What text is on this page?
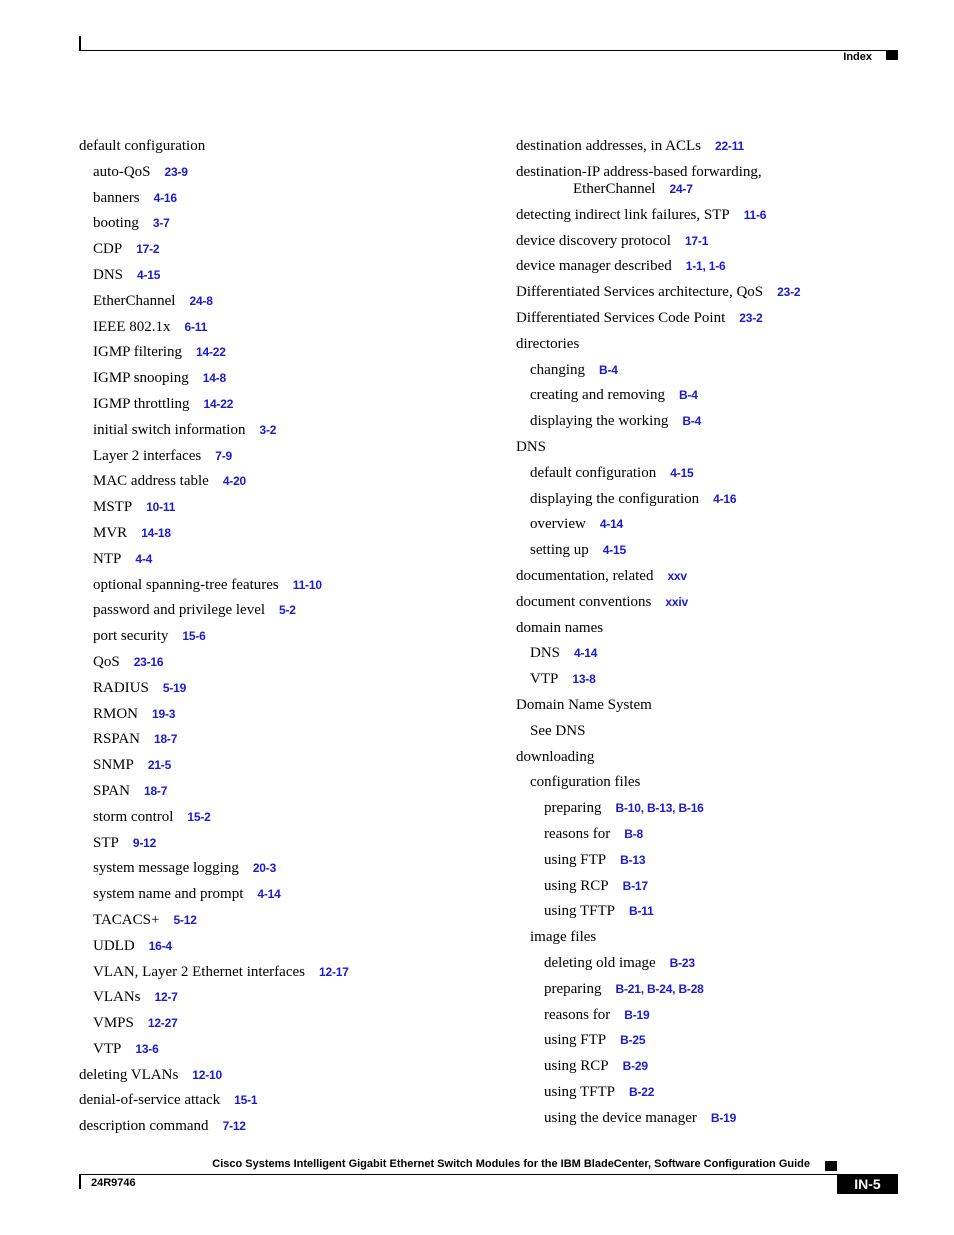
Index
default configuration
auto-QoS 23-9
banners 4-16
booting 3-7
CDP 17-2
DNS 4-15
EtherChannel 24-8
IEEE 802.1x 6-11
IGMP filtering 14-22
IGMP snooping 14-8
IGMP throttling 14-22
initial switch information 3-2
Layer 2 interfaces 7-9
MAC address table 4-20
MSTP 10-11
MVR 14-18
NTP 4-4
optional spanning-tree features 11-10
password and privilege level 5-2
port security 15-6
QoS 23-16
RADIUS 5-19
RMON 19-3
RSPAN 18-7
SNMP 21-5
SPAN 18-7
storm control 15-2
STP 9-12
system message logging 20-3
system name and prompt 4-14
TACACS+ 5-12
UDLD 16-4
VLAN, Layer 2 Ethernet interfaces 12-17
VLANs 12-7
VMPS 12-27
VTP 13-6
deleting VLANs 12-10
denial-of-service attack 15-1
description command 7-12
destination addresses, in ACLs 22-11
destination-IP address-based forwarding,
EtherChannel 24-7
detecting indirect link failures, STP 11-6
device discovery protocol 17-1
device manager described 1-1, 1-6
Differentiated Services architecture, QoS 23-2
Differentiated Services Code Point 23-2
directories
changing B-4
creating and removing B-4
displaying the working B-4
DNS
default configuration 4-15
displaying the configuration 4-16
overview 4-14
setting up 4-15
documentation, related xxv
document conventions xxiv
domain names
DNS 4-14
VTP 13-8
Domain Name System
See DNS
downloading
configuration files
preparing B-10, B-13, B-16
reasons for B-8
using FTP B-13
using RCP B-17
using TFTP B-11
image files
deleting old image B-23
preparing B-21, B-24, B-28
reasons for B-19
using FTP B-25
using RCP B-29
using TFTP B-22
using the device manager B-19
Cisco Systems Intelligent Gigabit Ethernet Switch Modules for the IBM BladeCenter, Software Configuration Guide
24R9746	IN-5
